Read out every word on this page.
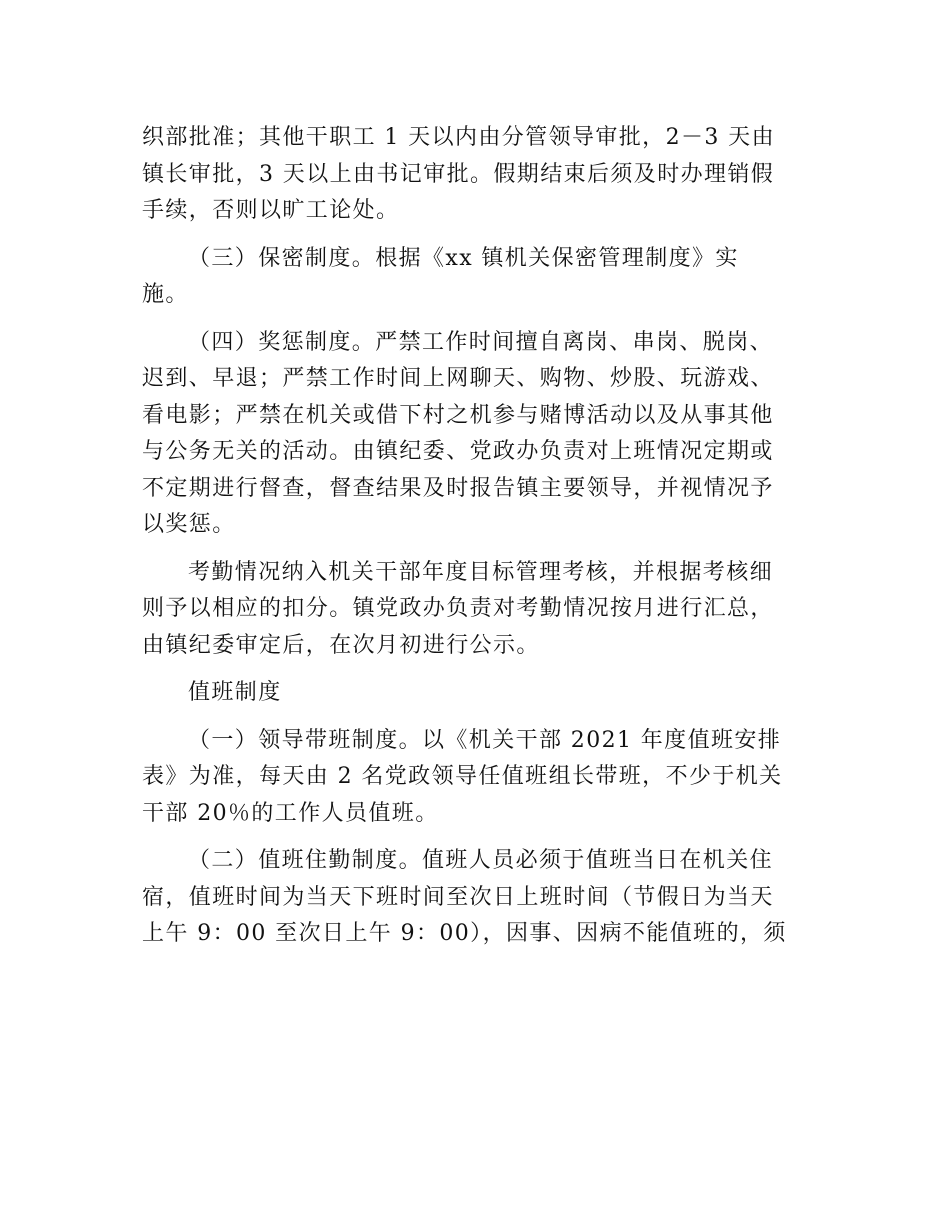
织部批准；其他干职工 1 天以内由分管领导审批，2－3 天由
镇长审批，3 天以上由书记审批。假期结束后须及时办理销假
手续，否则以旷工论处。

（三）保密制度。根据《xx 镇机关保密管理制度》实
施。

（四）奖惩制度。严禁工作时间擅自离岗、串岗、脱岗、
迟到、早退；严禁工作时间上网聊天、购物、炒股、玩游戏、
看电影；严禁在机关或借下村之机参与赌博活动以及从事其他
与公务无关的活动。由镇纪委、党政办负责对上班情况定期或
不定期进行督查，督查结果及时报告镇主要领导，并视情况予
以奖惩。

考勤情况纳入机关干部年度目标管理考核，并根据考核细
则予以相应的扣分。镇党政办负责对考勤情况按月进行汇总，
由镇纪委审定后，在次月初进行公示。

值班制度

（一）领导带班制度。以《机关干部 2021 年度值班安排
表》为准，每天由 2 名党政领导任值班组长带班，不少于机关
干部 20％的工作人员值班。

（二）值班住勤制度。值班人员必须于值班当日在机关住
宿，值班时间为当天下班时间至次日上班时间（节假日为当天
上午 9：00 至次日上午 9：00），因事、因病不能值班的，须
